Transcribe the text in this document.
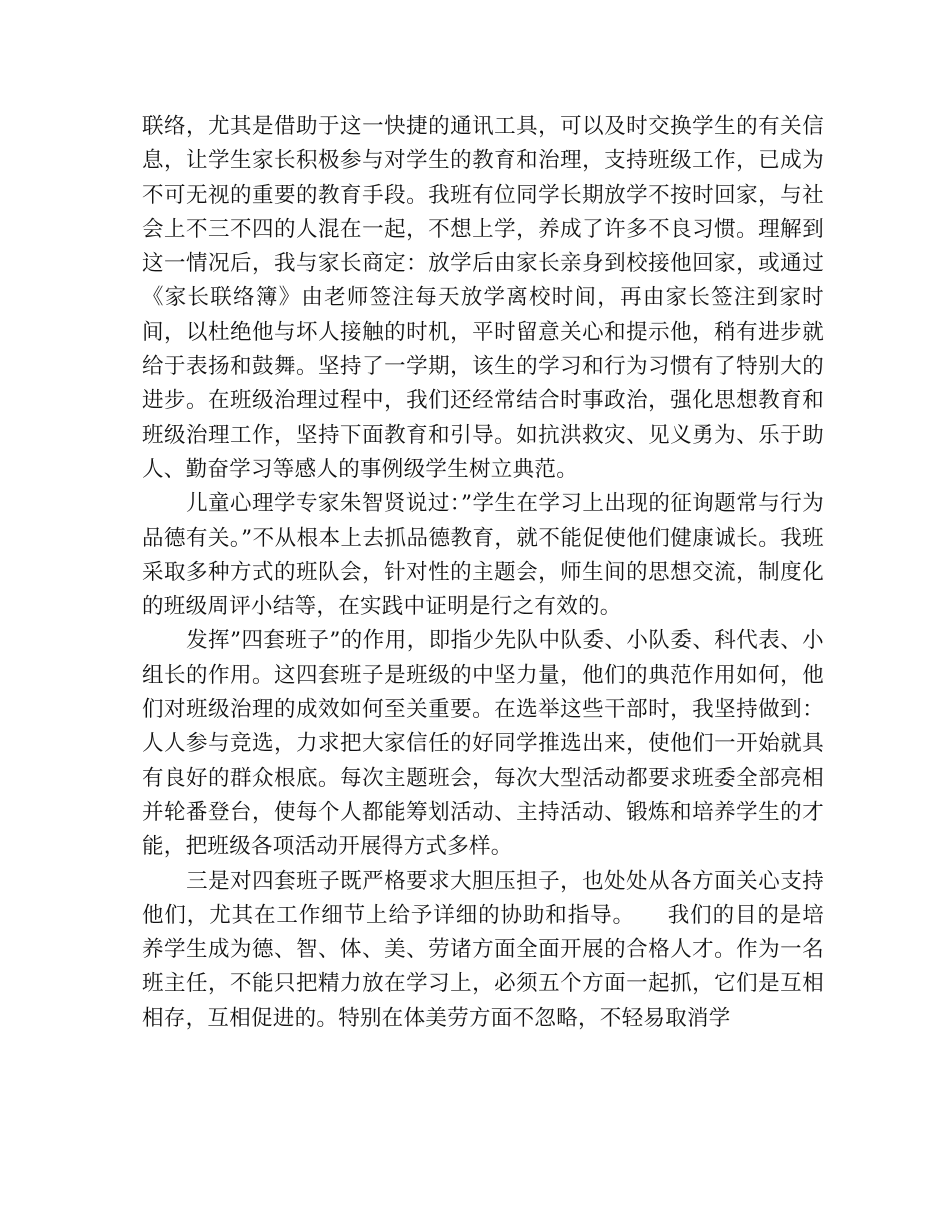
联络，尤其是借助于这一快捷的通讯工具，可以及时交换学生的有关信息，让学生家长积极参与对学生的教育和治理，支持班级工作，已成为不可无视的重要的教育手段。我班有位同学长期放学不按时回家，与社会上不三不四的人混在一起，不想上学，养成了许多不良习惯。理解到这一情况后，我与家长商定：放学后由家长亲身到校接他回家，或通过《家长联络簿》由老师签注每天放学离校时间，再由家长签注到家时间，以杜绝他与坏人接触的时机，平时留意关心和提示他，稍有进步就给于表扬和鼓舞。坚持了一学期，该生的学习和行为习惯有了特别大的进步。在班级治理过程中，我们还经常结合时事政治，强化思想教育和班级治理工作，坚持下面教育和引导。如抗洪救灾、见义勇为、乐于助人、勤奋学习等感人的事例级学生树立典范。

儿童心理学专家朱智贤说过：”学生在学习上出现的征询题常与行为品德有关。”不从根本上去抓品德教育，就不能促使他们健康诚长。我班采取多种方式的班队会，针对性的主题会，师生间的思想交流，制度化的班级周评小结等，在实践中证明是行之有效的。

发挥”四套班子”的作用，即指少先队中队委、小队委、科代表、小组长的作用。这四套班子是班级的中坚力量，他们的典范作用如何，他们对班级治理的成效如何至关重要。在选举这些干部时，我坚持做到：人人参与竞选，力求把大家信任的好同学推选出来，使他们一开始就具有良好的群众根底。每次主题班会，每次大型活动都要求班委全部亮相并轮番登台，使每个人都能筹划活动、主持活动、锻炼和培养学生的才能，把班级各项活动开展得方式多样。

三是对四套班子既严格要求大胆压担子，也处处从各方面关心支持他们，尤其在工作细节上给予详细的协助和指导。 我们的目的是培养学生成为德、智、体、美、劳诸方面全面开展的合格人才。作为一名班主任，不能只把精力放在学习上，必须五个方面一起抓，它们是互相相存，互相促进的。特别在体美劳方面不忽略，不轻易取消学
